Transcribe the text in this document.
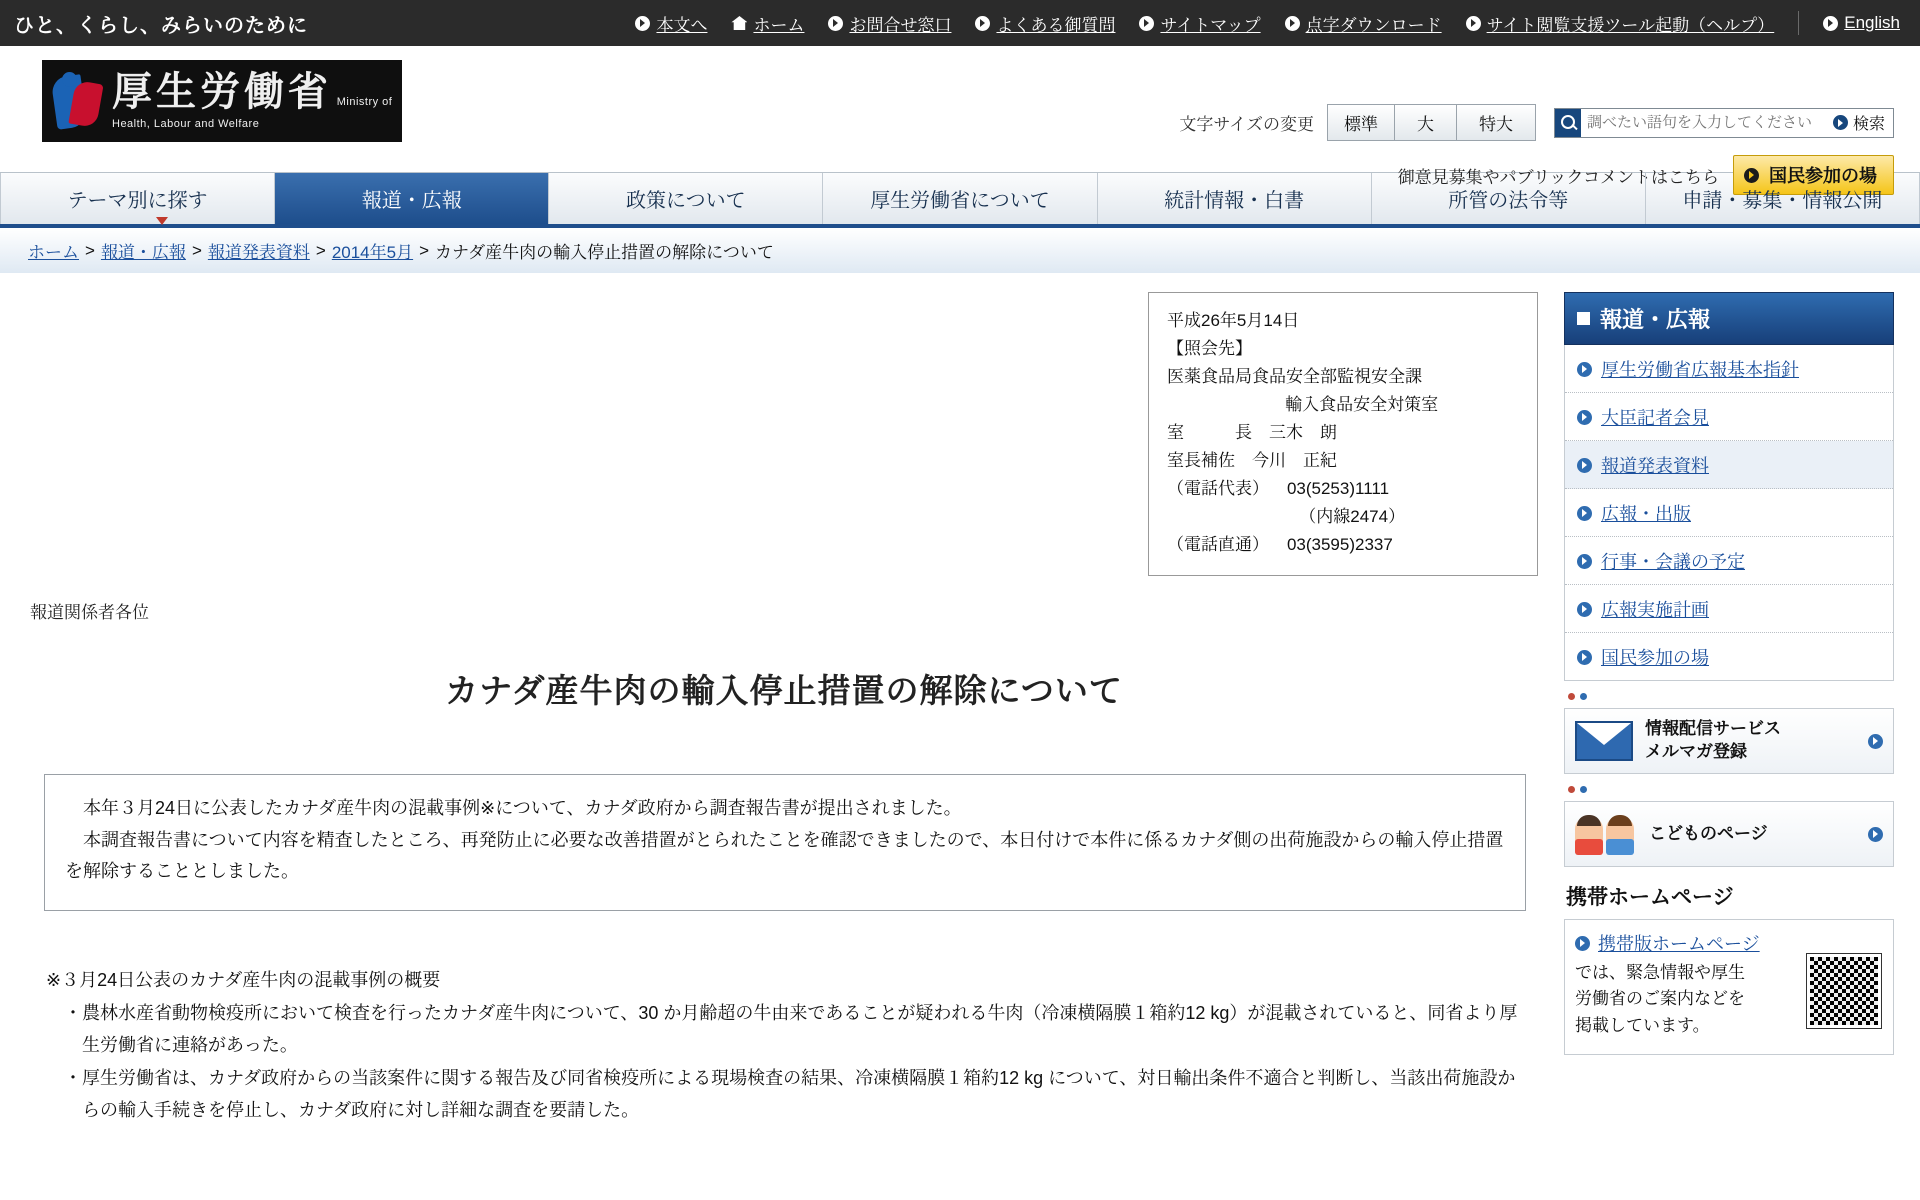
ひと、くらし、みらいのために	本文へ	ホーム	お問合せ窓口	よくある御質問	サイトマップ	点字ダウンロード	サイト閲覧支援ツール起動（ヘルプ）	English
厚生労働省 Ministry of Health, Labour and Welfare	文字サイズの変更	標準	大	特大
調べたい語句を入力してください	検索
御意見募集やパブリックコメントはこちら	国民参加の場
テーマ別に探す	報道・広報	政策について	厚生労働省について	統計情報・白書	所管の法令等	申請・募集・情報公開
ホーム > 報道・広報 > 報道発表資料 > 2014年5月 > カナダ産牛肉の輸入停止措置の解除について
平成26年5月14日
【照会先】
医薬食品局食品安全部監視安全課
輸入食品安全対策室
室　　　長　三木　朗
室長補佐　今川　正紀
（電話代表）　  03(5253)1111
（内線2474）
（電話直通）　  03(3595)2337
報道関係者各位
カナダ産牛肉の輸入停止措置の解除について

本年３月24日に公表したカナダ産牛肉の混載事例※について、カナダ政府から調査報告書が提出されました。

本調査報告書について内容を精査したところ、再発防止に必要な改善措置がとられたことを確認できましたので、本日付けで本件に係るカナダ側の出荷施設からの輸入停止措置を解除することとしました。

※３月24日公表のカナダ産牛肉の混載事例の概要
・農林水産省動物検疫所において検査を行ったカナダ産牛肉について、30 か月齢超の牛由来であることが疑われる牛肉（冷凍横隔膜１箱約12 kg）が混載されていると、同省より厚生労働省に連絡があった。
・厚生労働省は、カナダ政府からの当該案件に関する報告及び同省検疫所による現場検査の結果、冷凍横隔膜１箱約12 kg について、対日輸出条件不適合と判断し、当該出荷施設からの輸入手続きを停止し、カナダ政府に対し詳細な調査を要請した。
報道・広報
厚生労働省広報基本指針
大臣記者会見
報道発表資料
広報・出版
行事・会議の予定
広報実施計画
国民参加の場
情報配信サービス
メルマガ登録
こどものページ
携帯ホームページ
携帯版ホームページ
では、緊急情報や厚生労働省のご案内などを掲載しています。
